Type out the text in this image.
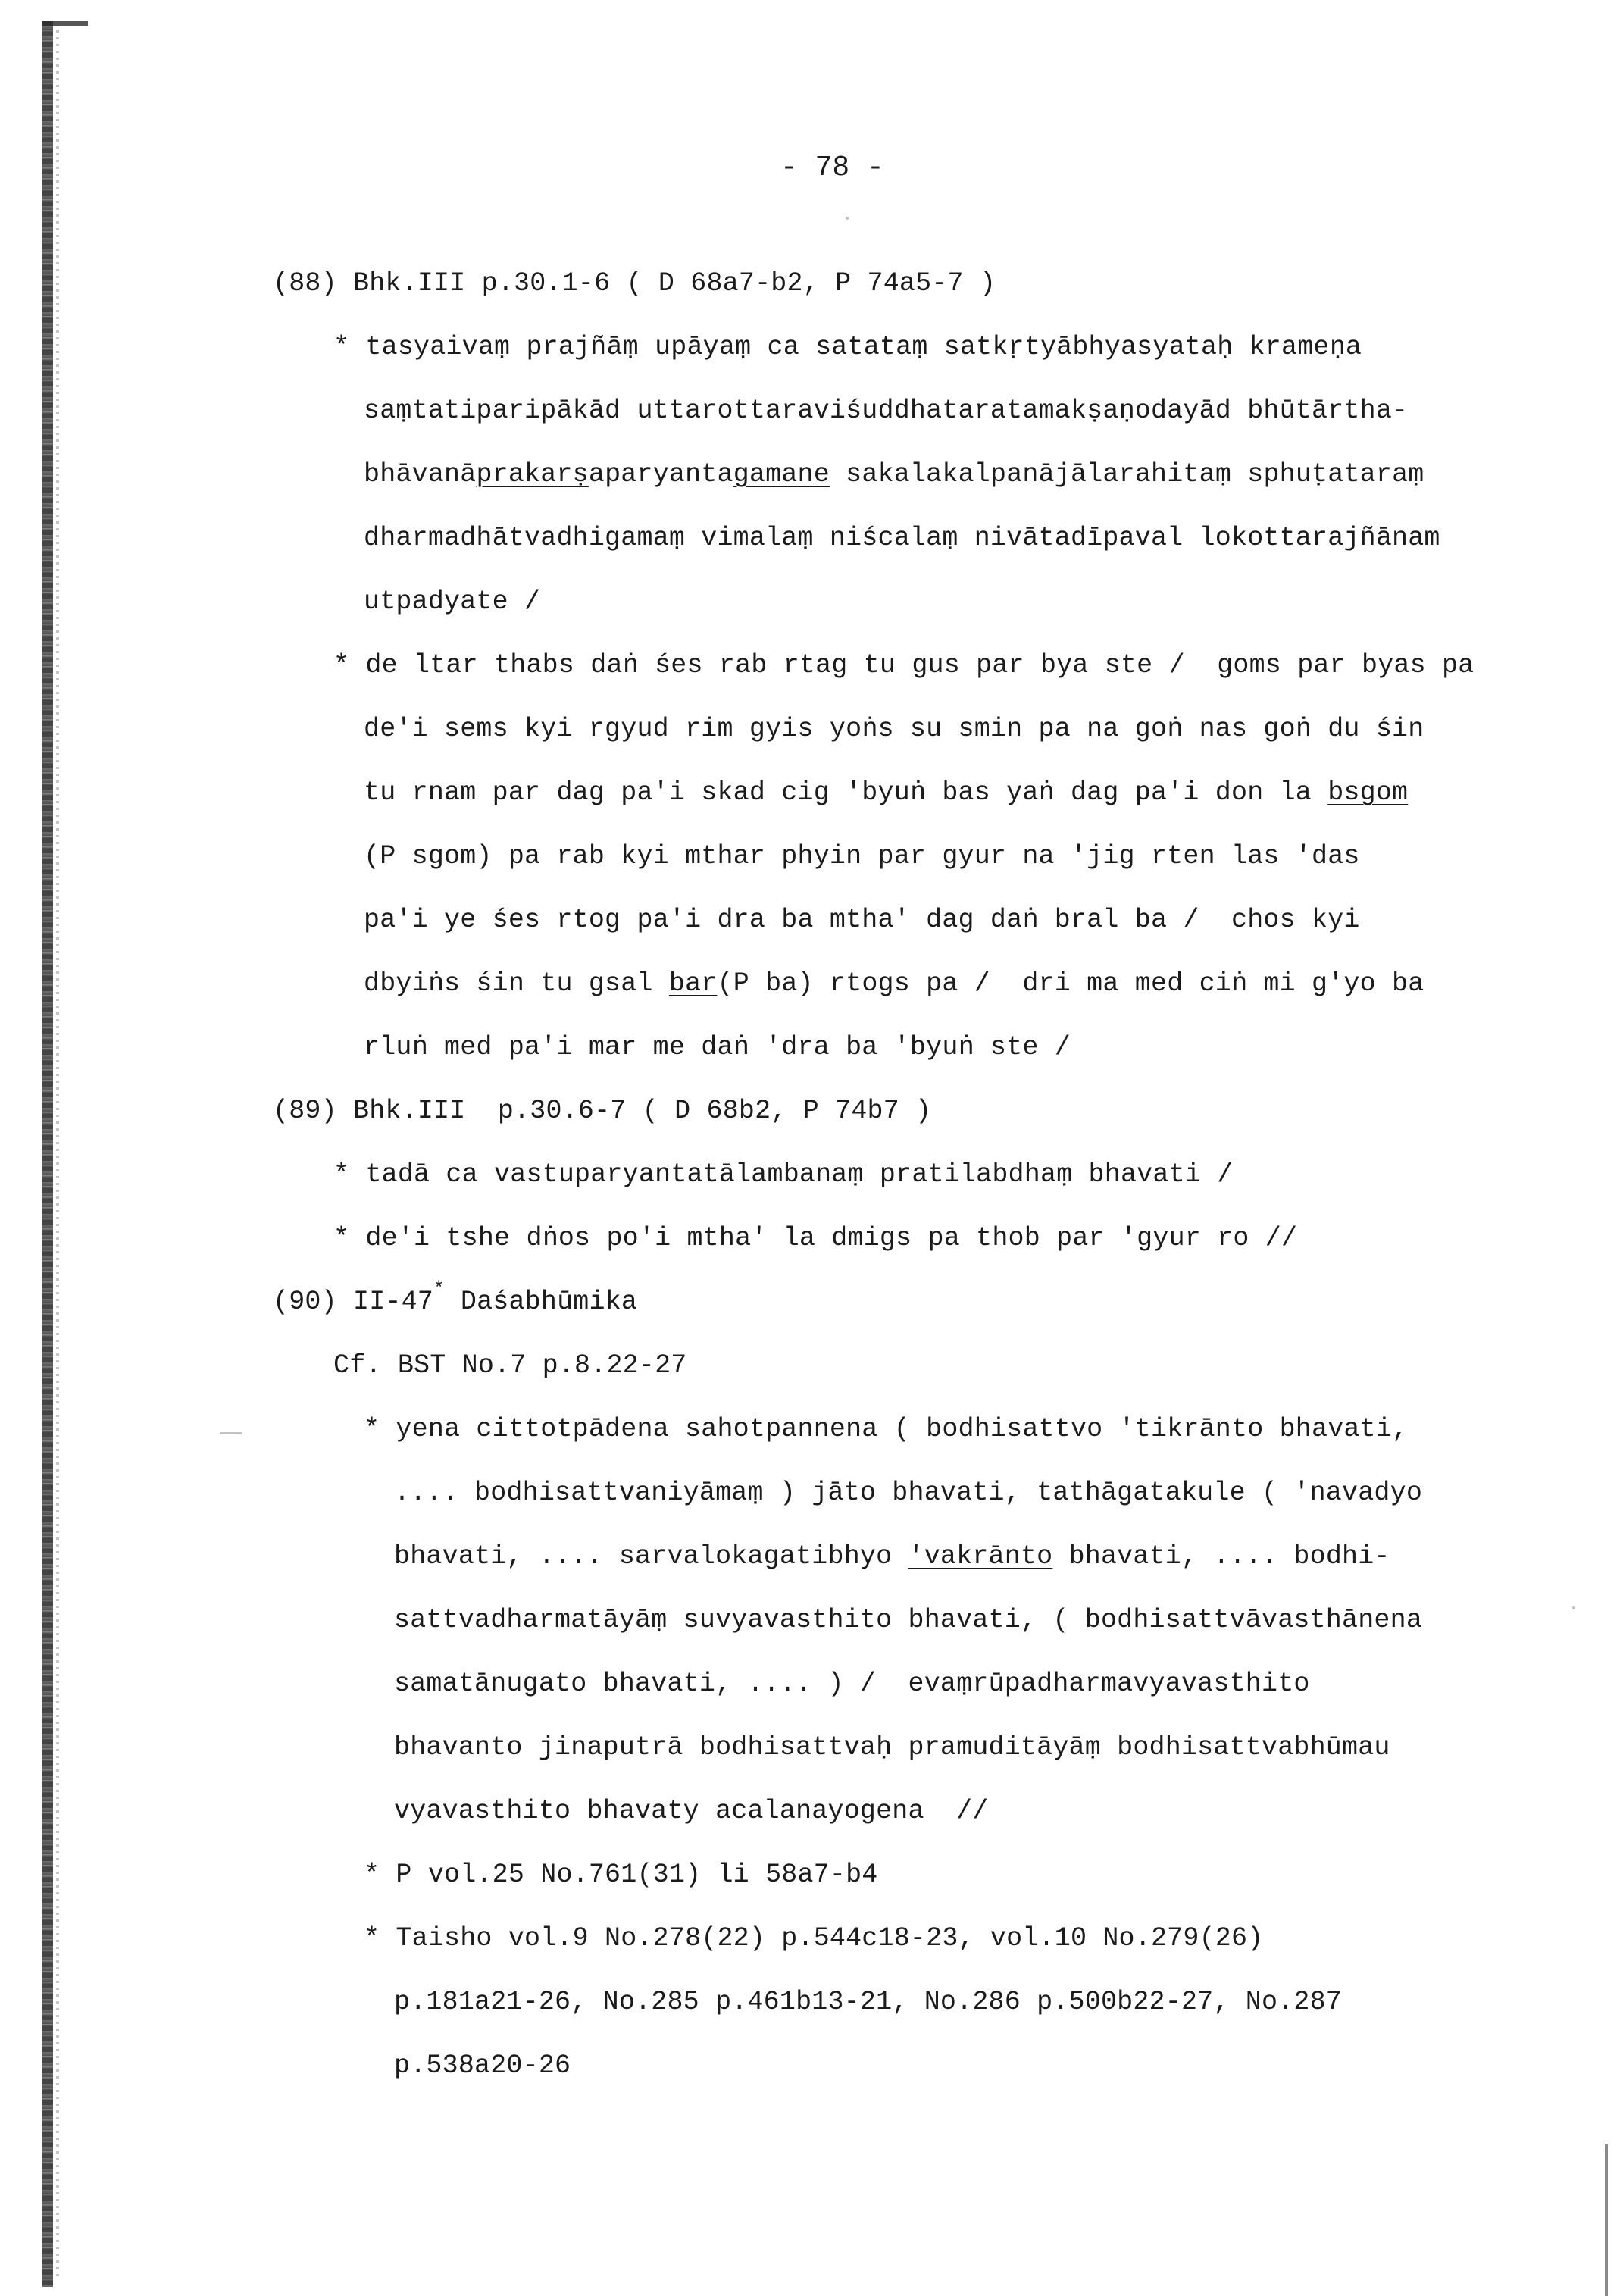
- 78 -
(88) Bhk.III p.30.1-6 ( D 68a7-b2, P 74a5-7 )
* tasyaivaṃ prajñāṃ upāyaṃ ca satataṃ satkṛtyābhyasyataḥ krameṇa
saṃtatiparipākād uttarottaraviśuddhataratamakṣaṇodayād bhūtārtha-
bhāvanāprakarṣaparyantagamane sakalakalpanājālarahitaṃ sphuṭataraṃ
dharmadhātvadhigamaṃ vimalaṃ niścalaṃ nivātadīpaval lokottarajñānam
utpadyate /
* de ltar thabs daṅ śes rab rtag tu gus par bya ste /  goms par byas pa
de'i sems kyi rgyud rim gyis yoṅs su smin pa na goṅ nas goṅ du śin
tu rnam par dag pa'i skad cig 'byuṅ bas yaṅ dag pa'i don la bsgom
(P sgom) pa rab kyi mthar phyin par gyur na 'jig rten las 'das
pa'i ye śes rtog pa'i dra ba mtha' dag daṅ bral ba /  chos kyi
dbyiṅs śin tu gsal bar(P ba) rtogs pa /  dri ma med ciṅ mi g'yo ba
rluṅ med pa'i mar me daṅ 'dra ba 'byuṅ ste /
(89) Bhk.III  p.30.6-7 ( D 68b2, P 74b7 )
* tadā ca vastuparyantatālambanaṃ pratilabdhaṃ bhavati /
* de'i tshe dṅos po'i mtha' la dmigs pa thob par 'gyur ro //
(90) II-47* Daśabhūmika
Cf. BST No.7 p.8.22-27
* yena cittotpādena sahotpannena ( bodhisattvo 'tikrānto bhavati,
.... bodhisattvaniyāmaṃ ) jāto bhavati, tathāgatakule ( 'navadyo
bhavati, .... sarvalokagatibhyo 'vakrānto bhavati, .... bodhi-
sattvadharmatāyāṃ suvyavasthito bhavati, ( bodhisattvāvasthānena
samatānugato bhavati, .... ) /  evaṃrūpadharmavyavasthito
bhavanto jinaputrā bodhisattvaḥ pramuditāyāṃ bodhisattvabhūmau
vyavasthito bhavaty acalanayogena  //
* P vol.25 No.761(31) li 58a7-b4
* Taisho vol.9 No.278(22) p.544c18-23, vol.10 No.279(26)
p.181a21-26, No.285 p.461b13-21, No.286 p.500b22-27, No.287
p.538a20-26
